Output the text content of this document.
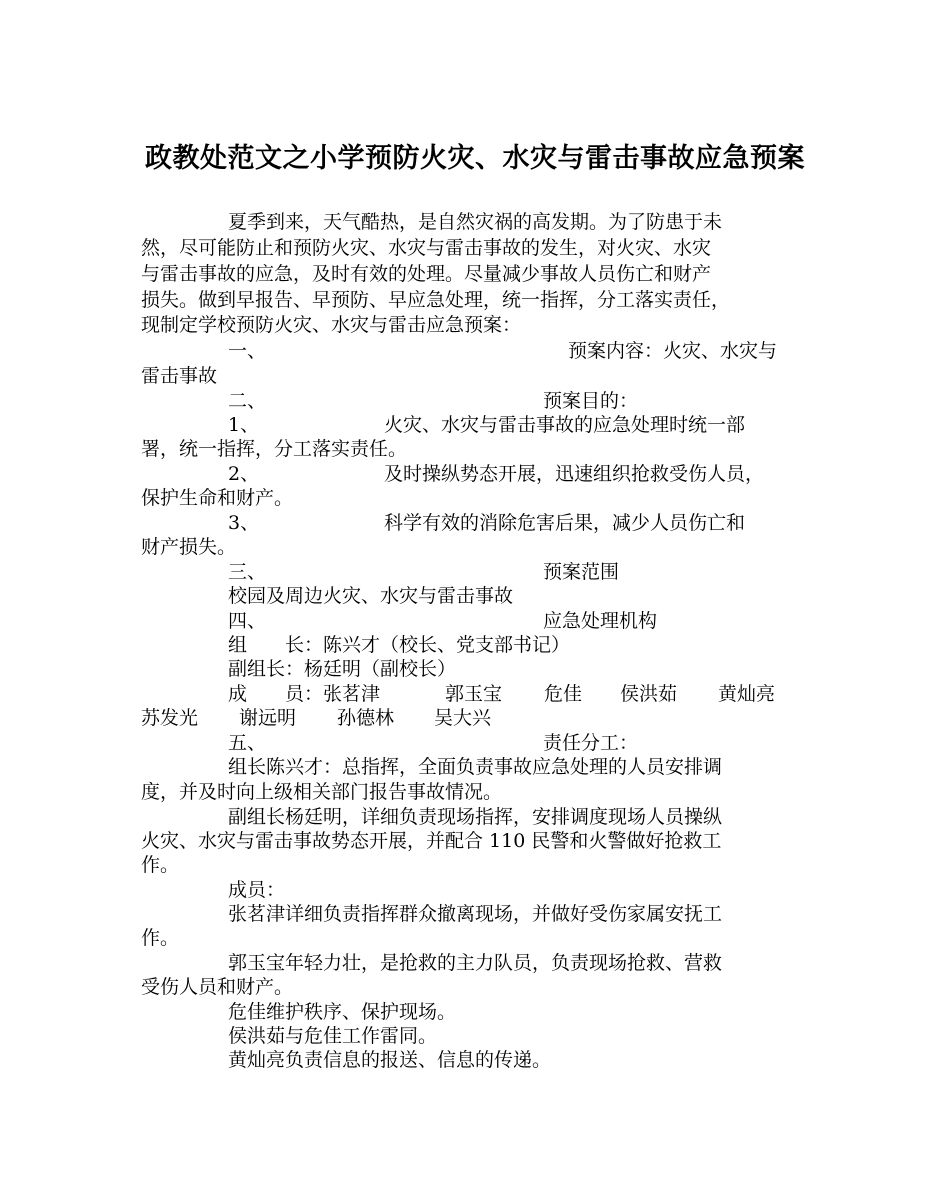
政教处范文之小学预防火灾、水灾与雷击事故应急预案
夏季到来，天气酷热，是自然灾祸的高发期。为了防患于未
然，尽可能防止和预防火灾、水灾与雷击事故的发生，对火灾、水灾
与雷击事故的应急，及时有效的处理。尽量减少事故人员伤亡和财产
损失。做到早报告、早预防、早应急处理，统一指挥，分工落实责任，
现制定学校预防火灾、水灾与雷击应急预案：
一、	预案内容：火灾、水灾与
雷击事故
二、	预案目的：
1、	火灾、水灾与雷击事故的应急处理时统一部
署，统一指挥，分工落实责任。
2、	及时操纵势态开展，迅速组织抢救受伤人员，
保护生命和财产。
3、	科学有效的消除危害后果，减少人员伤亡和
财产损失。
三、	预案范围
校园及周边火灾、水灾与雷击事故
四、	应急处理机构
组　　长：陈兴才（校长、党支部书记）
副组长：杨廷明（副校长）
成　　员：张茗津	郭玉宝 危佳 侯洪茹 黄灿亮
苏发光 谢远明 孙德林 吴大兴
五、	责任分工：
组长陈兴才：总指挥，全面负责事故应急处理的人员安排调
度，并及时向上级相关部门报告事故情况。
副组长杨廷明，详细负责现场指挥，安排调度现场人员操纵
火灾、水灾与雷击事故势态开展，并配合 110 民警和火警做好抢救工
作。
成员：
张茗津详细负责指挥群众撤离现场，并做好受伤家属安抚工
作。
郭玉宝年轻力壮，是抢救的主力队员，负责现场抢救、营救
受伤人员和财产。
危佳维护秩序、保护现场。
侯洪茹与危佳工作雷同。
黄灿亮负责信息的报送、信息的传递。
